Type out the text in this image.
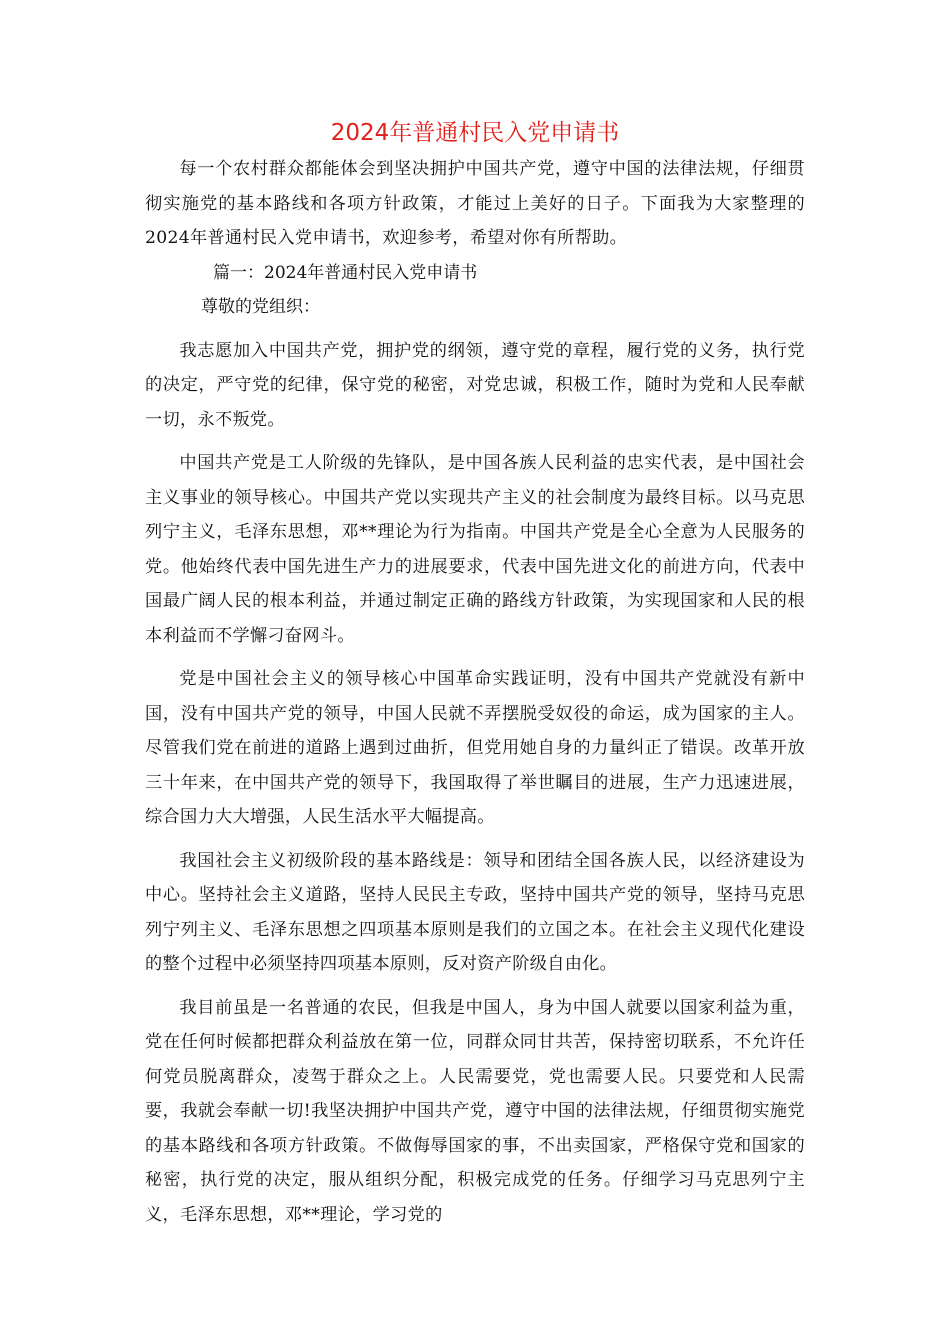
2024年普通村民入党申请书

每一个农村群众都能体会到坚决拥护中国共产党，遵守中国的法律法规，仔细贯彻实施党的基本路线和各项方针政策，才能过上美好的日子。下面我为大家整理的2024年普通村民入党申请书，欢迎参考，希望对你有所帮助。

篇一：2024年普通村民入党申请书

尊敬的党组织：

我志愿加入中国共产党，拥护党的纲领，遵守党的章程，履行党的义务，执行党的决定，严守党的纪律，保守党的秘密，对党忠诚，积极工作，随时为党和人民奉献一切，永不叛党。

中国共产党是工人阶级的先锋队，是中国各族人民利益的忠实代表，是中国社会主义事业的领导核心。中国共产党以实现共产主义的社会制度为最终目标。以马克思列宁主义，毛泽东思想，邓**理论为行为指南。中国共产党是全心全意为人民服务的党。他始终代表中国先进生产力的进展要求，代表中国先进文化的前进方向，代表中国最广阔人民的根本利益，并通过制定正确的路线方针政策，为实现国家和人民的根本利益而不学懈刁奋网斗。

党是中国社会主义的领导核心中国革命实践证明，没有中国共产党就没有新中国，没有中国共产党的领导，中国人民就不弄摆脱受奴役的命运，成为国家的主人。尽管我们党在前进的道路上遇到过曲折，但党用她自身的力量纠正了错误。改革开放三十年来，在中国共产党的领导下，我国取得了举世瞩目的进展，生产力迅速进展，综合国力大大增强，人民生活水平大幅提高。

我国社会主义初级阶段的基本路线是：领导和团结全国各族人民，以经济建设为中心。坚持社会主义道路，坚持人民民主专政，坚持中国共产党的领导，坚持马克思列宁列主义、毛泽东思想之四项基本原则是我们的立国之本。在社会主义现代化建设的整个过程中必须坚持四项基本原则，反对资产阶级自由化。

我目前虽是一名普通的农民，但我是中国人，身为中国人就要以国家利益为重，党在任何时候都把群众利益放在第一位，同群众同甘共苦，保持密切联系，不允许任何党员脱离群众，凌驾于群众之上。人民需要党，党也需要人民。只要党和人民需要，我就会奉献一切!我坚决拥护中国共产党，遵守中国的法律法规，仔细贯彻实施党的基本路线和各项方针政策。不做侮辱国家的事，不出卖国家，严格保守党和国家的秘密，执行党的决定，服从组织分配，积极完成党的任务。仔细学习马克思列宁主义，毛泽东思想，邓**理论，学习党的
